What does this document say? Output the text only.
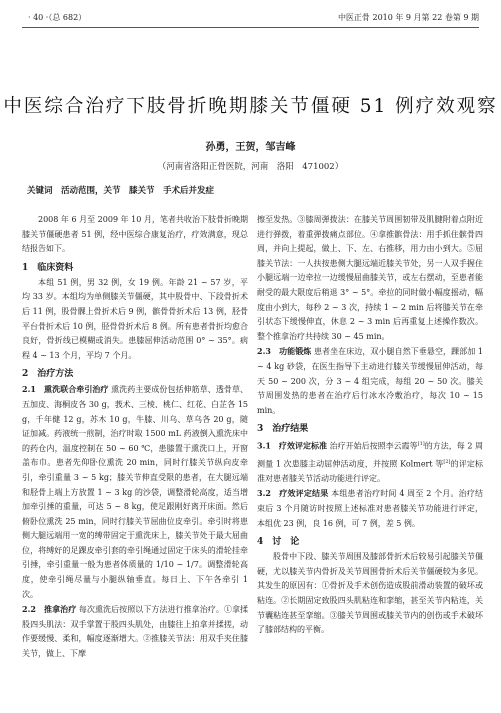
· 40 ·（总 682）	中医正骨 2010 年 9 月第 22 卷第 9 期
中医综合治疗下肢骨折晚期膝关节僵硬 51 例疗效观察
孙勇，王贺，邹吉峰
（河南省洛阳正骨医院，河南　洛阳　471002）
关键词　活动范围，关节　膝关节　手术后并发症

2008 年 6 月至 2009 年 10 月，笔者共收治下肢骨折晚期膝关节僵硬患者 51 例，经中医综合康复治疗，疗效满意，现总结报告如下。

1　临床资料

本组 51 例，男 32 例，女 19 例。年龄 21 ~ 57 岁，平均 33 岁。本组均为单侧膝关节僵硬，其中股骨中、下段骨折术后 11 例，股骨髁上骨折术后 9 例，髌骨骨折术后 13 例，胫骨平台骨折术后 10 例，胫骨骨折术后 8 例。所有患者骨折均愈合良好，骨折线已模糊或消失。患膝屈伸活动范围 0° ~ 35°。病程 4 ~ 13 个月，平均 7 个月。

2　治疗方法

2.1　熏洗联合牵引治疗 熏洗药主要成份包括伸筋草、透骨草、五加皮、海桐皮各 30 g，莪术、三棱、桃仁、红花、白芷各 15 g，千年健 12 g，苏木 10 g，牛膝、川乌、草乌各 20 g，随证加减。药液统一煎制，治疗时取 1500 mL 药液倒入熏洗床中的药仓内，温度控制在 50 ~ 60 ℃，患膝置于熏洗口上，开窗盖布巾。患者先仰卧位熏洗 20 min，同时行膝关节纵向皮牵引，牵引重量 3 ~ 5 kg；膝关节伸直受限的患者，在大腿远端和胫骨上端上方放置 1 ~ 3 kg 的沙袋，调整滑轮高度，适当增加牵引捶的重量，可达 5 ~ 8 kg，使足跟刚好离开床面。然后俯卧位熏洗 25 min，同时行膝关节屈曲位皮牵引。牵引时将患侧大腿远端用一宽的缚带固定于熏洗床上，膝关节处于最大屈曲位，将缚好的足踝皮牵引套的牵引绳通过固定于床头的滑轮挂牵引捶，牵引重量一般为患者体质量的 1/10 ~ 1/7。调整滑轮高度，使牵引绳尽量与小腿纵轴垂直。每日上、下午各牵引 1 次。

2.2　推拿治疗 每次熏洗后按照以下方法进行推拿治疗。①拿揉股四头肌法：双手掌置于股四头肌处，由膝往上拍拿并揉搓，动作要缓慢、柔和，幅度逐渐增大。②推膝关节法：用双手夹住膝关节，做上、下摩

擦至发热。③膝周弹拨法：在膝关节周围韧带及肌腱附着点附近进行弹拨，着重弹拨痛点部位。④拿推髌骨法：用手抓住髌骨四周，并向上提起，做上、下、左、右推移，用力由小到大。⑤屈膝关节法：一人扶按患侧大腿远端近膝关节处，另一人双手握住小腿远端一边牵拉一边缓慢屈曲膝关节，或左右摆动，至患者能耐受的最大限度后稍退 3° ~ 5°。牵拉的同时做小幅度摇动，幅度由小到大，每秒 2 ~ 3 次，持续 1 ~ 2 min 后将膝关节在牵引状态下缓慢伸直，休息 2 ~ 3 min 后再重复上述操作数次。整个推拿治疗共持续 30 ~ 45 min。

2.3　功能锻炼 患者坐在床边，双小腿自然下垂悬空，踝部加 1 ~ 4 kg 砂袋，在医生指导下主动进行膝关节缓慢屈伸活动，每天 50 ~ 200 次，分 3 ~ 4 组完成，每组 20 ~ 50 次。膝关节周围发热的患者在治疗后行冰水冷敷治疗，每次 10 ~ 15 min。

3　治疗结果

3.1　疗效评定标准 治疗开始后按照李云霞等[1]的方法，每 2 周测量 1 次患膝主动屈伸活动度，并按照 Kolmert 等[2]的评定标准对患者膝关节活动功能进行评定。

3.2　疗效评定结果 本组患者治疗时间 4 周至 2 个月。治疗结束后 3 个月随访时按照上述标准对患者膝关节功能进行评定，本组优 23 例，良 16 例，可 7 例，差 5 例。

4　讨　论

股骨中下段、膝关节周围及膝部骨折术后较易引起膝关节僵硬，尤以膝关节内骨折及关节周围骨折术后关节僵硬较为多见。其发生的原因有：①骨折及手术创伤造成股前滑动装置的破坏或粘连。②长期固定致股四头肌粘连和挛缩，甚至关节内粘连，关节囊粘连甚至挛缩。③膝关节周围或膝关节内的创伤或手术破坏了膝部结构的平衡。
